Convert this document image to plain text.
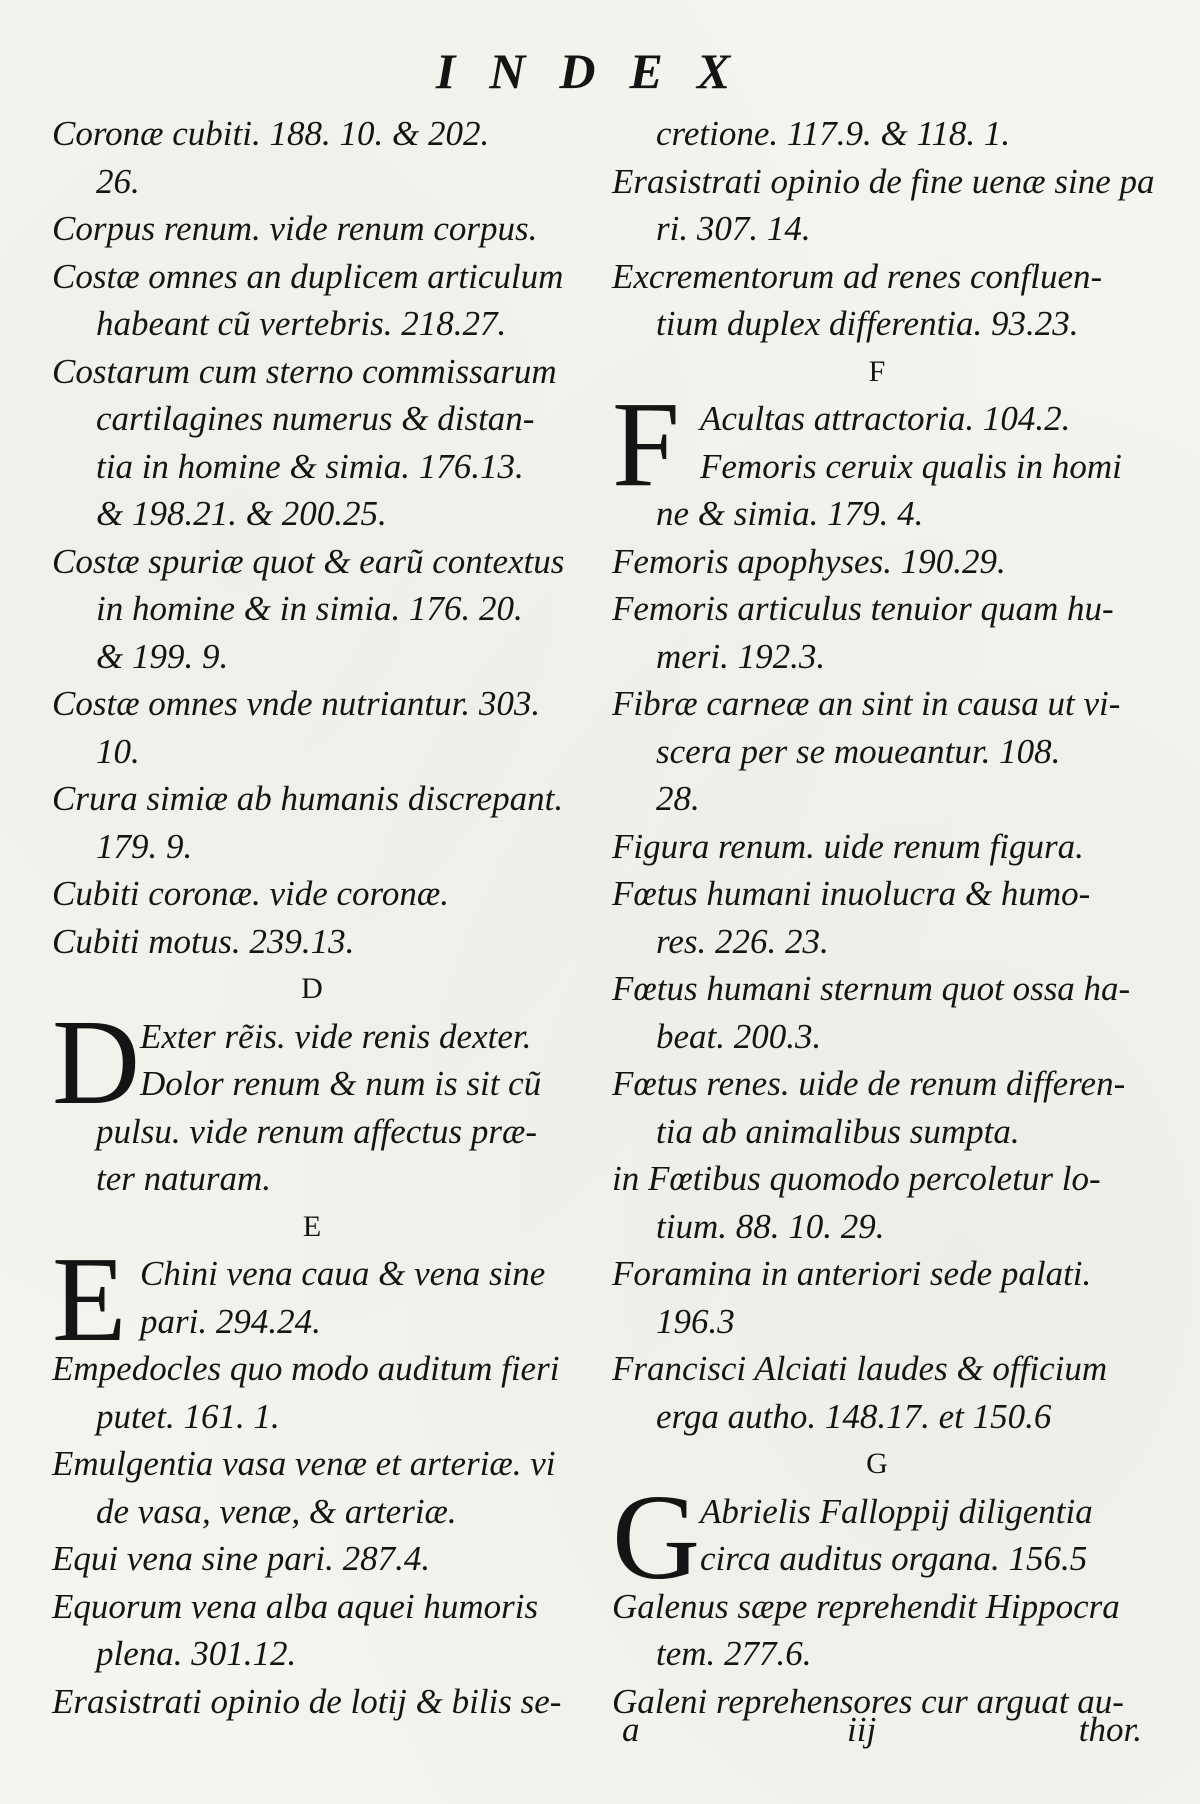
INDEX
Coronæ cubiti. 188. 10. & 202.
26.
Corpus renum. vide renum corpus.
Costæ omnes an duplicem articulum
habeant cũ vertebris. 218.27.
Costarum cum sterno commissarum
cartilagines numerus & distan-
tia in homine & simia. 176.13.
& 198.21. & 200.25.
Costæ spuriæ quot & earũ contextus
in homine & in simia. 176. 20.
& 199. 9.
Costæ omnes vnde nutriantur. 303.
10.
Crura simiæ ab humanis discrepant.
179. 9.
Cubiti coronæ. vide coronæ.
Cubiti motus. 239.13.
D
D Exter rẽis. vide renis dexter.
Dolor renum & num is sit cũ
pulsu. vide renum affectus præ-
ter naturam.
E
E Chini vena caua & vena sine
pari. 294.24.
Empedocles quo modo auditum fieri
putet. 161. 1.
Emulgentia vasa venæ et arteriæ. vi
de vasa, venæ, & arteriæ.
Equi vena sine pari. 287.4.
Equorum vena alba aquei humoris
plena. 301.12.
Erasistrati opinio de lotij & bilis se-
cretione. 117.9. & 118. 1.
Erasistrati opinio de fine uenæ sine pa
ri. 307. 14.
Excrementorum ad renes confluen-
tium duplex differentia. 93.23.
F
F Acultas attractoria. 104.2.
Femoris ceruix qualis in homi
ne & simia. 179. 4.
Femoris apophyses. 190.29.
Femoris articulus tenuior quam hu-
meri. 192.3.
Fibræ carneæ an sint in causa ut vi-
scera per se moueantur. 108.
28.
Figura renum. uide renum figura.
Fœtus humani inuolucra & humo-
res. 226. 23.
Fœtus humani sternum quot ossa ha-
beat. 200.3.
Fœtus renes. uide de renum differen-
tia ab animalibus sumpta.
in Fœtibus quomodo percoletur lo-
tium. 88. 10. 29.
Foramina in anteriori sede palati.
196.3
Francisci Alciati laudes & officium
erga autho. 148.17. et 150.6
G
G Abrielis Falloppij diligentia
circa auditus organa. 156.5
Galenus sæpe reprehendit Hippocra
tem. 277.6.
Galeni reprehensores cur arguat au-
a	iij	thor.
